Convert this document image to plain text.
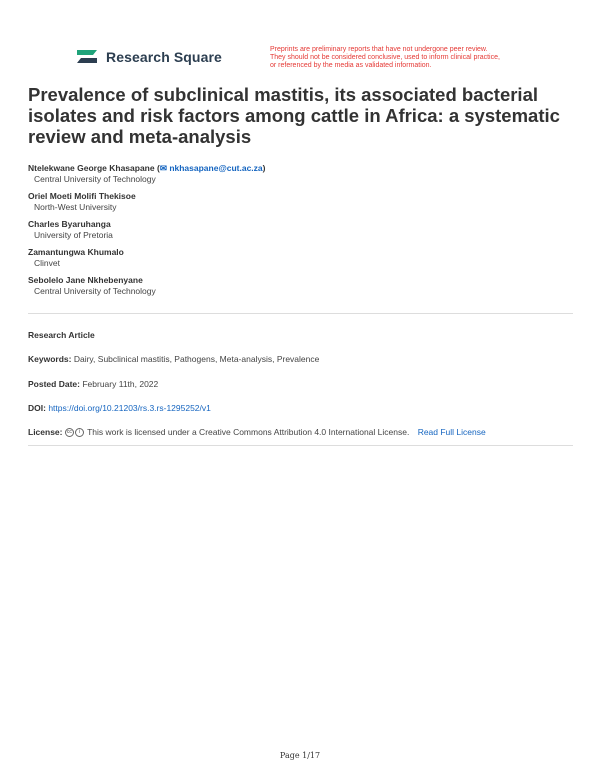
Research Square	Preprints are preliminary reports that have not undergone peer review.
They should not be considered conclusive, used to inform clinical practice,
or referenced by the media as validated information.
Prevalence of subclinical mastitis, its associated bacterial isolates and risk factors among cattle in Africa: a systematic review and meta-analysis
Ntelekwane George Khasapane (✉ nkhasapane@cut.ac.za)
Central University of Technology
Oriel Moeti Molifi Thekisoe
North-West University
Charles Byaruhanga
University of Pretoria
Zamantungwa Khumalo
Clinvet
Sebolelo Jane Nkhebenyane
Central University of Technology
Research Article
Keywords: Dairy, Subclinical mastitis, Pathogens, Meta-analysis, Prevalence
Posted Date: February 11th, 2022
DOI: https://doi.org/10.21203/rs.3.rs-1295252/v1
License: cc i This work is licensed under a Creative Commons Attribution 4.0 International License. Read Full License
Page 1/17
